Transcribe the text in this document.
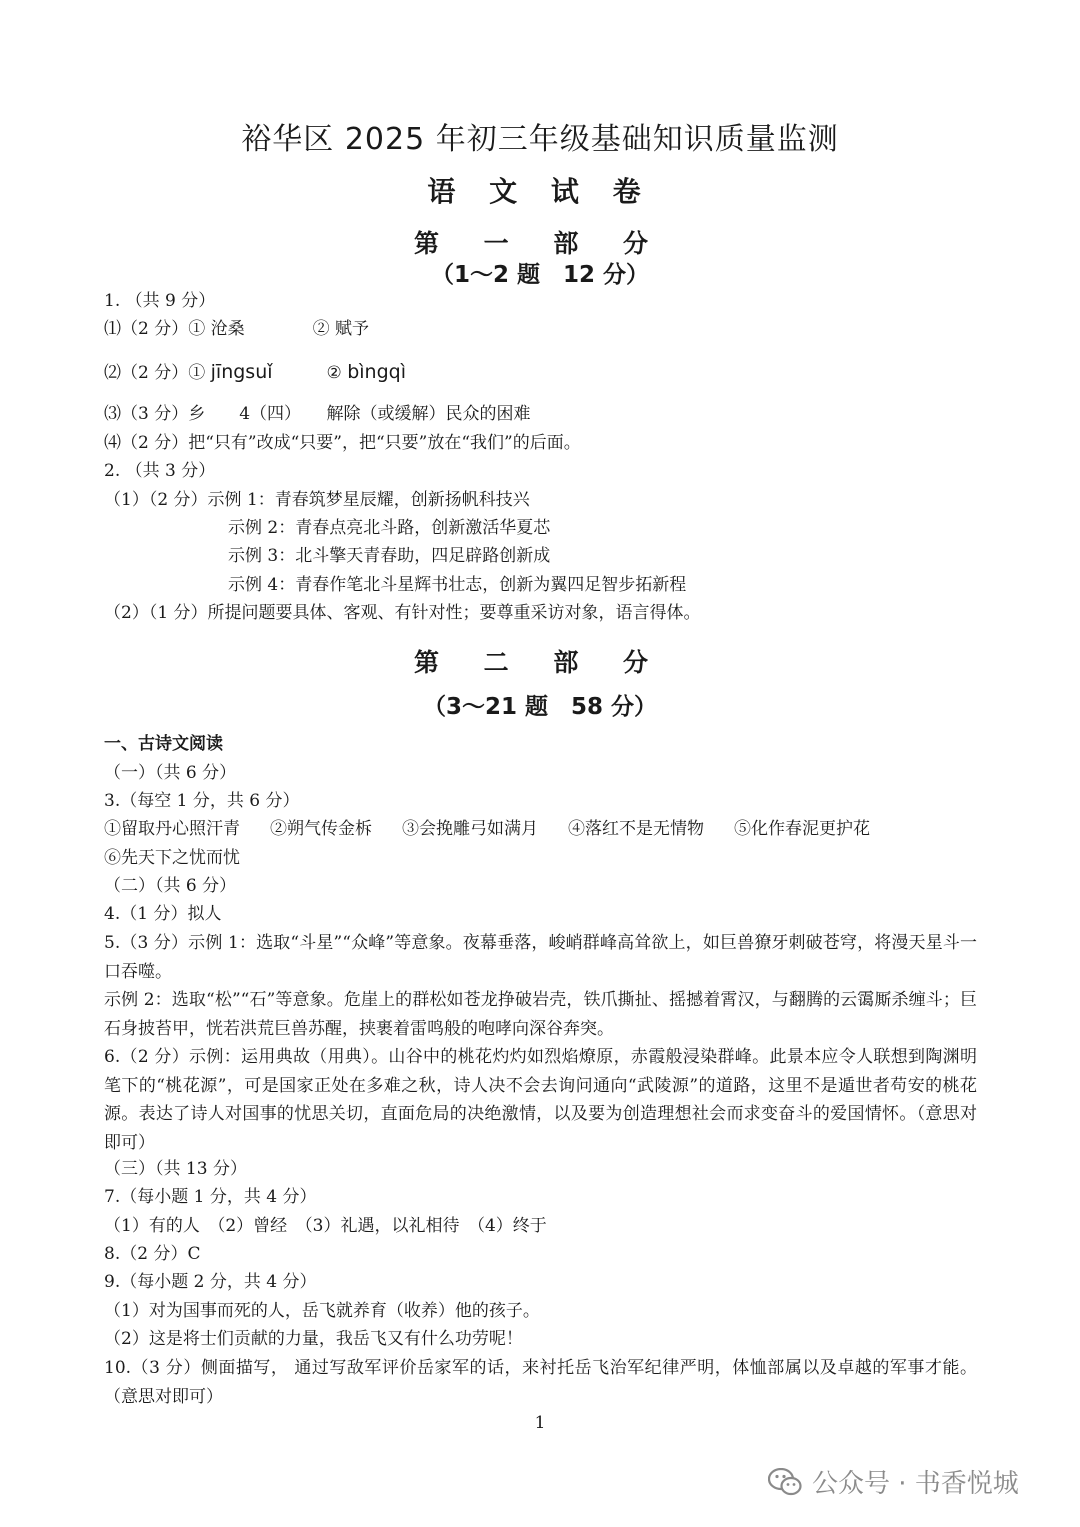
裕华区 2025 年初三年级基础知识质量监测
语 文 试 卷
第 一 部 分
（1～2 题　12 分）
1. （共 9 分）
⑴（2 分）① 沧桑	② 赋予
⑵（2 分）① jīngsuǐ	② bìngqì
⑶（3 分）乡　　4（四）　　解除（或缓解）民众的困难
⑷（2 分）把“只有”改成“只要”，把“只要”放在“我们”的后面。
2. （共 3 分）
（1）（2 分）示例 1：青春筑梦星辰耀，创新扬帆科技兴
示例 2：青春点亮北斗路，创新激活华夏芯
示例 3：北斗擎天青春助，四足辟路创新成
示例 4：青春作笔北斗星辉书壮志，创新为翼四足智步拓新程
（2）（1 分）所提问题要具体、客观、有针对性；要尊重采访对象，语言得体。
第 二 部 分
（3～21 题　58 分）
一、古诗文阅读
（一）（共 6 分）
3.（每空 1 分，共 6 分）
①留取丹心照汗青 ②朔气传金柝 ③会挽雕弓如满月 ④落红不是无情物 ⑤化作春泥更护花
⑥先天下之忧而忧
（二）（共 6 分）
4.（1 分）拟人
5.（3 分）示例 1：选取“斗星”“众峰”等意象。夜幕垂落，峻峭群峰高耸欲上，如巨兽獠牙刺破苍穹，将漫天星斗一口吞噬。
示例 2：选取“松”“石”等意象。危崖上的群松如苍龙挣破岩壳，铁爪撕扯、摇撼着霄汉，与翻腾的云霭厮杀缠斗；巨石身披苔甲，恍若洪荒巨兽苏醒，挟裹着雷鸣般的咆哮向深谷奔突。
6.（2 分）示例：运用典故（用典）。山谷中的桃花灼灼如烈焰燎原，赤霞般浸染群峰。此景本应令人联想到陶渊明笔下的“桃花源”，可是国家正处在多难之秋，诗人决不会去询问通向“武陵源”的道路，这里不是遁世者苟安的桃花源。表达了诗人对国事的忧思关切，直面危局的决绝激情，以及要为创造理想社会而求变奋斗的爱国情怀。（意思对即可）
（三）（共 13 分）
7.（每小题 1 分，共 4 分）
（1）有的人　（2）曾经　（3）礼遇，以礼相待　（4）终于
8.（2 分）C
9.（每小题 2 分，共 4 分）
（1）对为国事而死的人，岳飞就养育（收养）他的孩子。
（2）这是将士们贡献的力量，我岳飞又有什么功劳呢！
10.（3 分）侧面描写， 通过写敌军评价岳家军的话，来衬托岳飞治军纪律严明，体恤部属以及卓越的军事才能。（意思对即可）
1
公众号 · 书香悦城
